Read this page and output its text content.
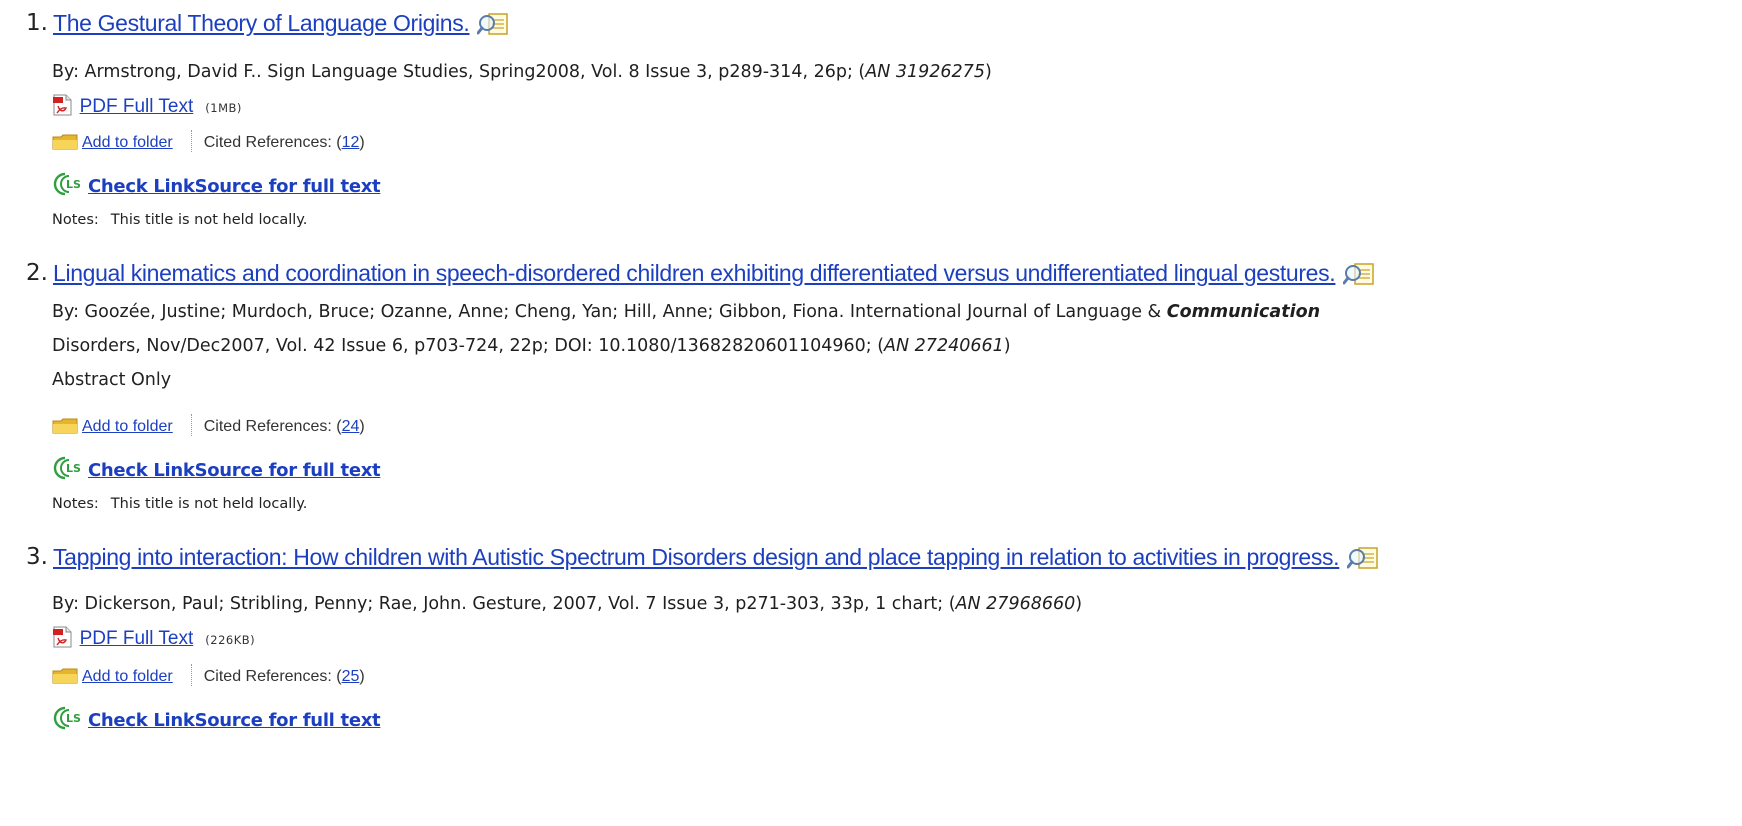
1. The Gestural Theory of Language Origins.
By: Armstrong, David F.. Sign Language Studies, Spring2008, Vol. 8 Issue 3, p289-314, 26p; (AN 31926275)
PDF Full Text (1MB)
Add to folder Cited References: (12)
LS Check LinkSource for full text
Notes: This title is not held locally.
2. Lingual kinematics and coordination in speech-disordered children exhibiting differentiated versus undifferentiated lingual gestures.
By: Goozée, Justine; Murdoch, Bruce; Ozanne, Anne; Cheng, Yan; Hill, Anne; Gibbon, Fiona. International Journal of Language & Communication
Disorders, Nov/Dec2007, Vol. 42 Issue 6, p703-724, 22p; DOI: 10.1080/13682820601104960; (AN 27240661)
Abstract Only
Add to folder Cited References: (24)
LS Check LinkSource for full text
Notes: This title is not held locally.
3. Tapping into interaction: How children with Autistic Spectrum Disorders design and place tapping in relation to activities in progress.
By: Dickerson, Paul; Stribling, Penny; Rae, John. Gesture, 2007, Vol. 7 Issue 3, p271-303, 33p, 1 chart; (AN 27968660)
PDF Full Text (226KB)
Add to folder Cited References: (25)
LS Check LinkSource for full text
